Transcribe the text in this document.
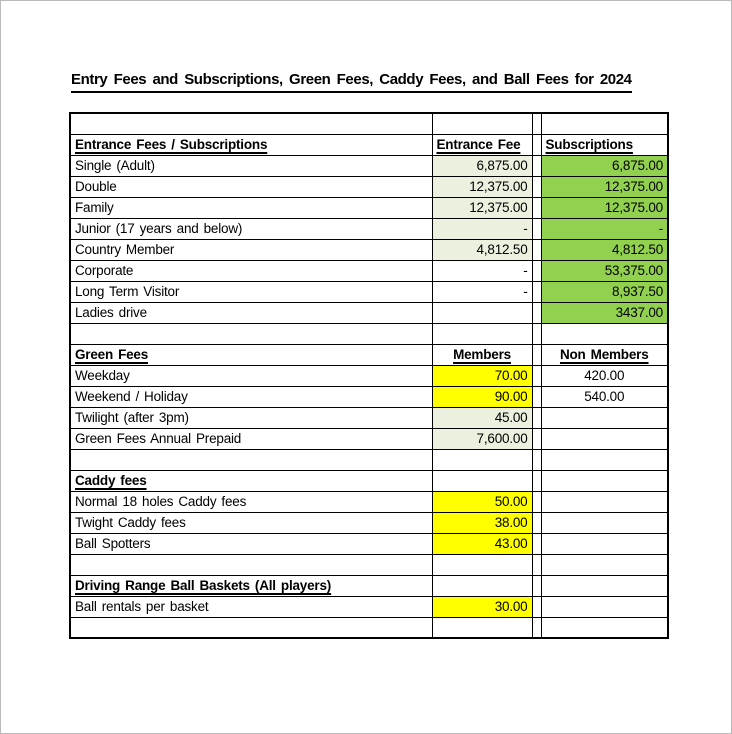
Entry Fees and Subscriptions, Green Fees, Caddy Fees, and Ball Fees for 2024

Entrance Fees / Subscriptions	Entrance Fee		Subscriptions
Single (Adult)	6,875.00		6,875.00
Double	12,375.00		12,375.00
Family	12,375.00		12,375.00
Junior (17 years and below)	-		-
Country Member	4,812.50		4,812.50
Corporate	-		53,375.00
Long Term Visitor	-		8,937.50
Ladies drive			3437.00

Green Fees	Members		Non Members
Weekday	70.00		420.00
Weekend / Holiday	90.00		540.00
Twilight (after 3pm)	45.00		
Green Fees Annual Prepaid	7,600.00		

Caddy fees			
Normal 18 holes Caddy fees	50.00		
Twight Caddy fees	38.00		
Ball Spotters	43.00		

Driving Range Ball Baskets (All players)			
Ball rentals per basket	30.00		
